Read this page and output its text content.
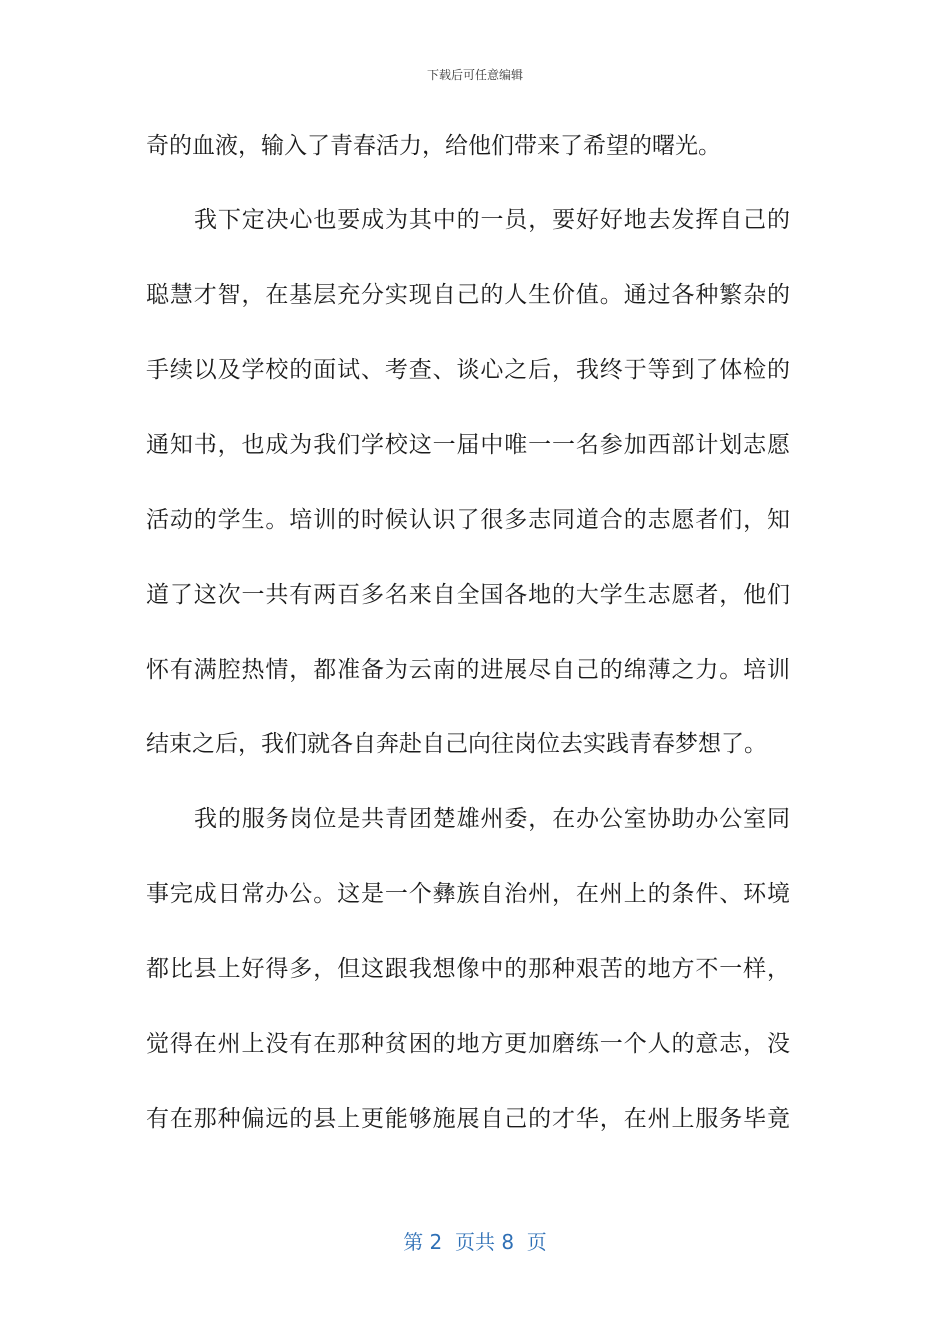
下载后可任意编辑
奇的血液，输入了青春活力，给他们带来了希望的曙光。
我下定决心也要成为其中的一员，要好好地去发挥自己的
聪慧才智，在基层充分实现自己的人生价值。通过各种繁杂的
手续以及学校的面试、考查、谈心之后，我终于等到了体检的
通知书，也成为我们学校这一届中唯一一名参加西部计划志愿
活动的学生。培训的时候认识了很多志同道合的志愿者们，知
道了这次一共有两百多名来自全国各地的大学生志愿者，他们
怀有满腔热情，都准备为云南的进展尽自己的绵薄之力。培训
结束之后，我们就各自奔赴自己向往岗位去实践青春梦想了。
我的服务岗位是共青团楚雄州委，在办公室协助办公室同
事完成日常办公。这是一个彝族自治州，在州上的条件、环境
都比县上好得多，但这跟我想像中的那种艰苦的地方不一样，
觉得在州上没有在那种贫困的地方更加磨练一个人的意志，没
有在那种偏远的县上更能够施展自己的才华，在州上服务毕竟
第 2  页共 8  页
